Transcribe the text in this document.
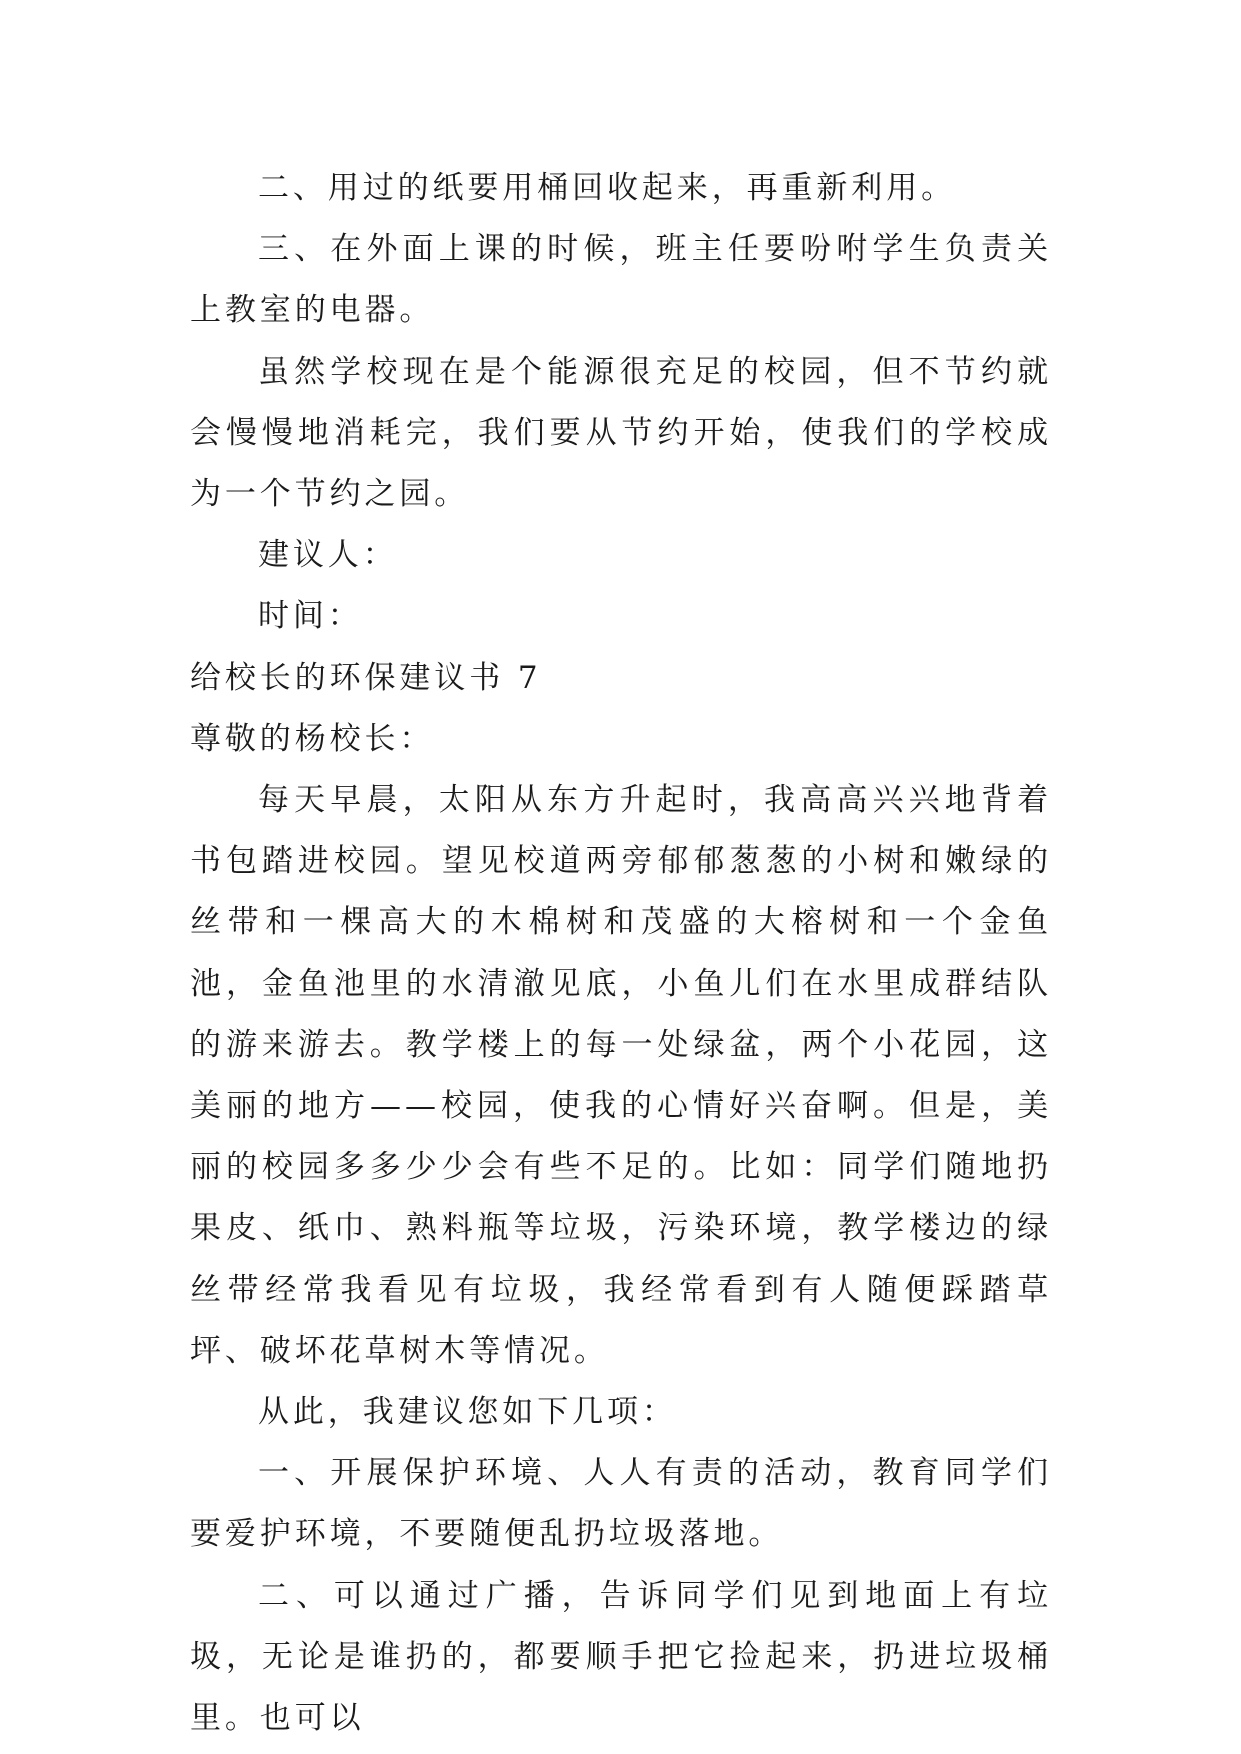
二、用过的纸要用桶回收起来，再重新利用。

三、在外面上课的时候，班主任要吩咐学生负责关上教室的电器。

虽然学校现在是个能源很充足的校园，但不节约就会慢慢地消耗完，我们要从节约开始，使我们的学校成为一个节约之园。

建议人：

时间：

给校长的环保建议书 7

尊敬的杨校长：

每天早晨，太阳从东方升起时，我高高兴兴地背着书包踏进校园。望见校道两旁郁郁葱葱的小树和嫩绿的丝带和一棵高大的木棉树和茂盛的大榕树和一个金鱼池，金鱼池里的水清澈见底，小鱼儿们在水里成群结队的游来游去。教学楼上的每一处绿盆，两个小花园，这美丽的地方——校园，使我的心情好兴奋啊。但是，美丽的校园多多少少会有些不足的。比如：同学们随地扔果皮、纸巾、熟料瓶等垃圾，污染环境，教学楼边的绿丝带经常我看见有垃圾，我经常看到有人随便踩踏草坪、破坏花草树木等情况。

从此，我建议您如下几项：

一、开展保护环境、人人有责的活动，教育同学们要爱护环境，不要随便乱扔垃圾落地。

二、可以通过广播，告诉同学们见到地面上有垃圾，无论是谁扔的，都要顺手把它捡起来，扔进垃圾桶里。也可以
